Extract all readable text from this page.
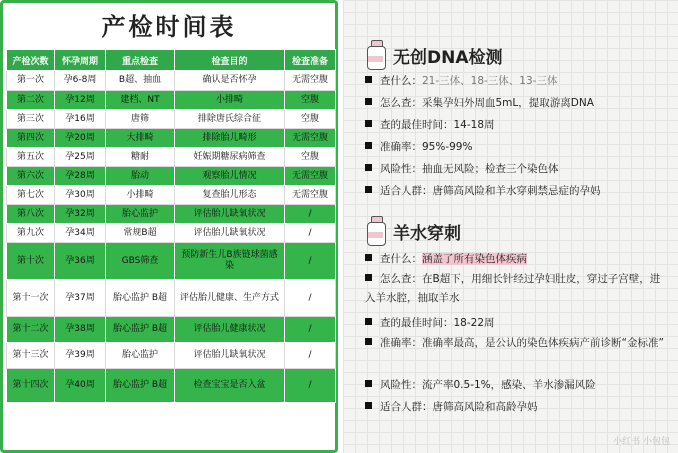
产检时间表
产检次数	怀孕周期	重点检查	检查目的	检查准备
第一次	孕6-8周	B超、抽血	确认是否怀孕	无需空腹
第二次	孕12周	建档、NT	小排畸	空腹
第三次	孕16周	唐筛	排除唐氏综合征	空腹
第四次	孕20周	大排畸	排除胎儿畸形	无需空腹
第五次	孕25周	糖耐	妊娠期糖尿病筛查	空腹
第六次	孕28周	胎动	观察胎儿情况	无需空腹
第七次	孕30周	小排畸	复查胎儿形态	无需空腹
第八次	孕32周	胎心监护	评估胎儿缺氧状况	/
第九次	孕34周	常规B超	评估胎儿缺氧状况	/
第十次	孕36周	GBS筛查	预防新生儿B族链球菌感染	/
第十一次	孕37周	胎心监护 B超	评估胎儿健康、生产方式	/
第十二次	孕38周	胎心监护 B超	评估胎儿健康状况	/
第十三次	孕39周	胎心监护	评估胎儿缺氧状况	/
第十四次	孕40周	胎心监护 B超	检查宝宝是否入盆	/
无创DNA检测
查什么：21-三体、18-三体、13-三体
怎么查：采集孕妇外周血5mL，提取游离DNA
查的最佳时间：14-18周
准确率：95%-99%
风险性：抽血无风险；检查三个染色体
适合人群：唐筛高风险和羊水穿刺禁忌症的孕妈
羊水穿刺
查什么：涵盖了所有染色体疾病
怎么查：在B超下，用细长针经过孕妇肚皮，穿过子宫壁，进入羊水腔，抽取羊水
查的最佳时间：18-22周
准确率：准确率最高，是公认的染色体疾病产前诊断“金标准”
风险性：流产率0.5-1%，感染、羊水渗漏风险
适合人群：唐筛高风险和高龄孕妈
小红书 小包包
